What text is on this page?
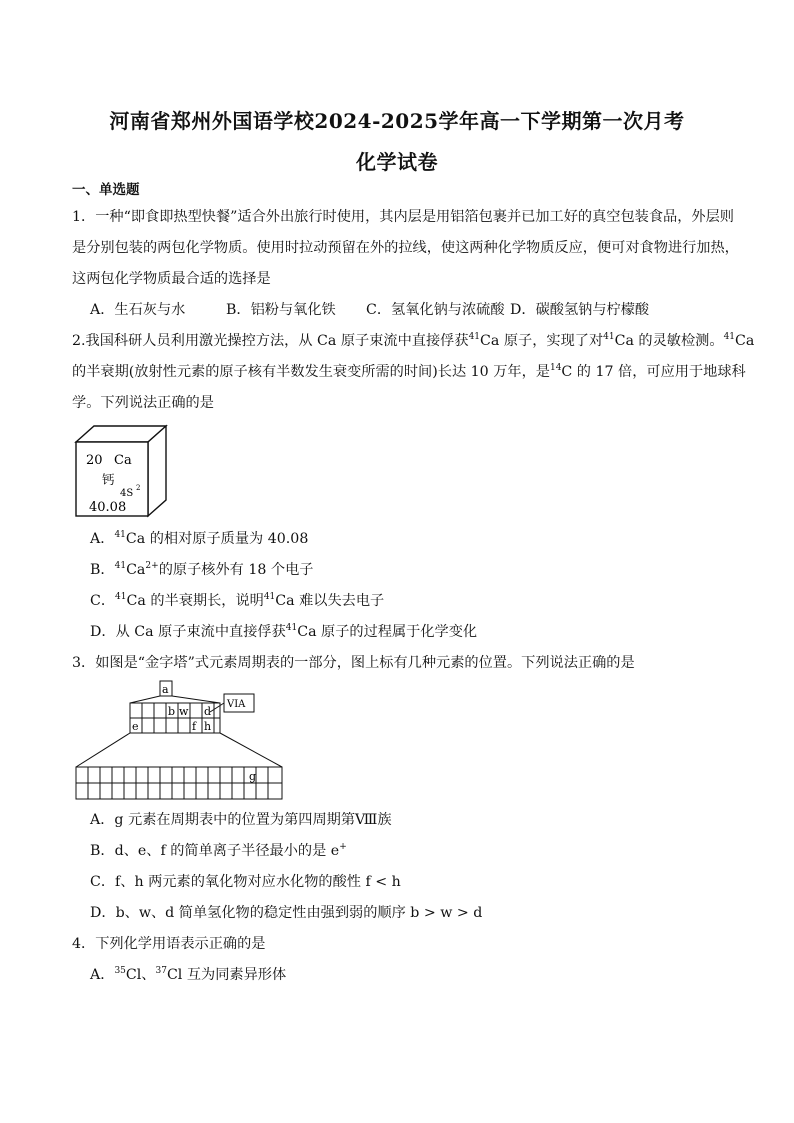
河南省郑州外国语学校2024-2025学年高一下学期第一次月考
化学试卷
一、单选题
1．一种“即食即热型快餐”适合外出旅行时使用，其内层是用铝箔包裹并已加工好的真空包装食品，外层则
是分别包装的两包化学物质。使用时拉动预留在外的拉线，使这两种化学物质反应，便可对食物进行加热，
这两包化学物质最合适的选择是
A．生石灰与水	B．铝粉与氧化铁 C．氢氧化钠与浓硫酸 D．碳酸氢钠与柠檬酸
2.我国科研人员利用激光操控方法，从 Ca 原子束流中直接俘获$^{41}$Ca 原子，实现了对$^{41}$Ca 的灵敏检测。$^{41}$Ca
的半衰期(放射性元素的原子核有半数发生衰变所需的时间)长达 10 万年，是$^{14}$C 的 17 倍，可应用于地球科
学。下列说法正确的是
20 Ca
钙
4S 2
40.08
A．$^{41}$Ca 的相对原子质量为 40.08
B．$^{41}Ca^{2+}$的原子核外有 18 个电子
C．$^{41}$Ca 的半衰期长，说明$^{41}$Ca 难以失去电子
D．从 Ca 原子束流中直接俘获$^{41}$Ca 原子的过程属于化学变化
3．如图是“金字塔”式元素周期表的一部分，图上标有几种元素的位置。下列说法正确的是
a
b w d
e	f h
g
VIA
A．g 元素在周期表中的位置为第四周期第Ⅷ族
B．d、e、f 的简单离子半径最小的是 e+
C．f、h 两元素的氧化物对应水化物的酸性 f < h
D．b、w、d 简单氢化物的稳定性由强到弱的顺序 b > w > d
4．下列化学用语表示正确的是
A．$^{35}$Cl、$^{37}$Cl 互为同素异形体
